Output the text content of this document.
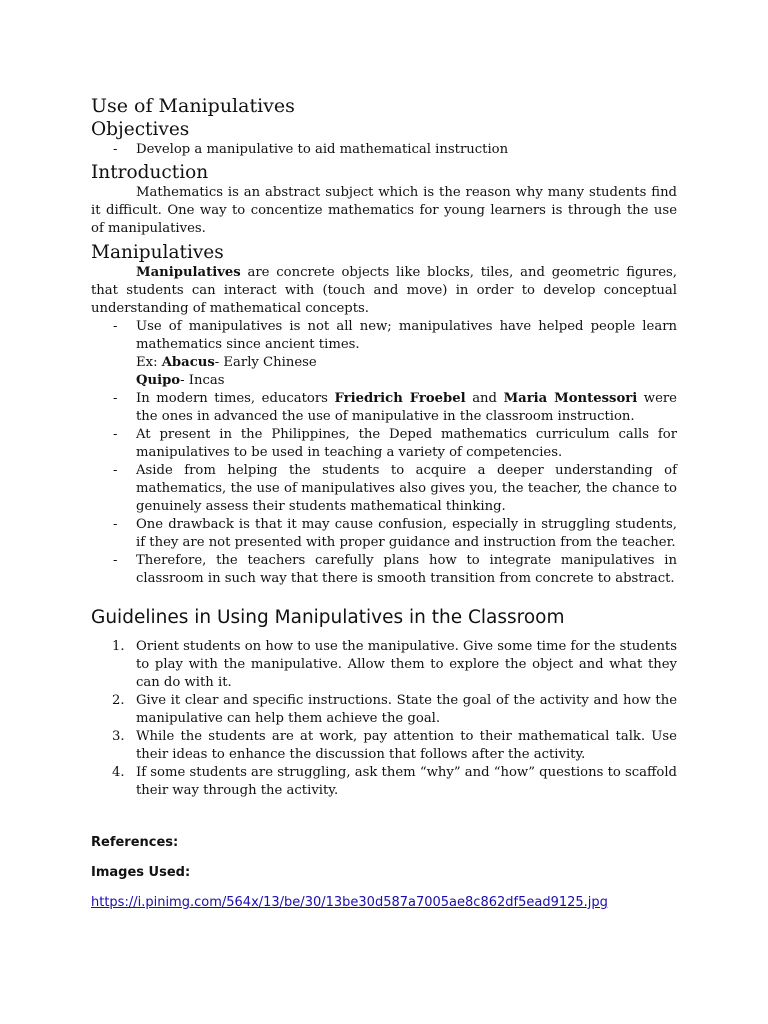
Use of Manipulatives
Objectives
- Develop a manipulative to aid mathematical instruction
Introduction

Mathematics is an abstract subject which is the reason why many students find it difficult. One way to concentize mathematics for young learners is through the use of manipulatives.

Manipulatives

Manipulatives are concrete objects like blocks, tiles, and geometric figures, that students can interact with (touch and move) in order to develop conceptual understanding of mathematical concepts.

- Use of manipulatives is not all new; manipulatives have helped people learn mathematics since ancient times.
Ex: Abacus- Early Chinese
Quipo- Incas
- In modern times, educators Friedrich Froebel and Maria Montessori were the ones in advanced the use of manipulative in the classroom instruction.
- At present in the Philippines, the Deped mathematics curriculum calls for manipulatives to be used in teaching a variety of competencies.
- Aside from helping the students to acquire a deeper understanding of mathematics, the use of manipulatives also gives you, the teacher, the chance to genuinely assess their students mathematical thinking.
- One drawback is that it may cause confusion, especially in struggling students, if they are not presented with proper guidance and instruction from the teacher.
- Therefore, the teachers carefully plans how to integrate manipulatives in classroom in such way that there is smooth transition from concrete to abstract.
Guidelines in Using Manipulatives in the Classroom
1. Orient students on how to use the manipulative. Give some time for the students to play with the manipulative. Allow them to explore the object and what they can do with it.
2. Give it clear and specific instructions. State the goal of the activity and how the manipulative can help them achieve the goal.
3. While the students are at work, pay attention to their mathematical talk. Use their ideas to enhance the discussion that follows after the activity.
4. If some students are struggling, ask them “why” and “how” questions to scaffold their way through the activity.

References:

Images Used:

https://i.pinimg.com/564x/13/be/30/13be30d587a7005ae8c862df5ead9125.jpg
